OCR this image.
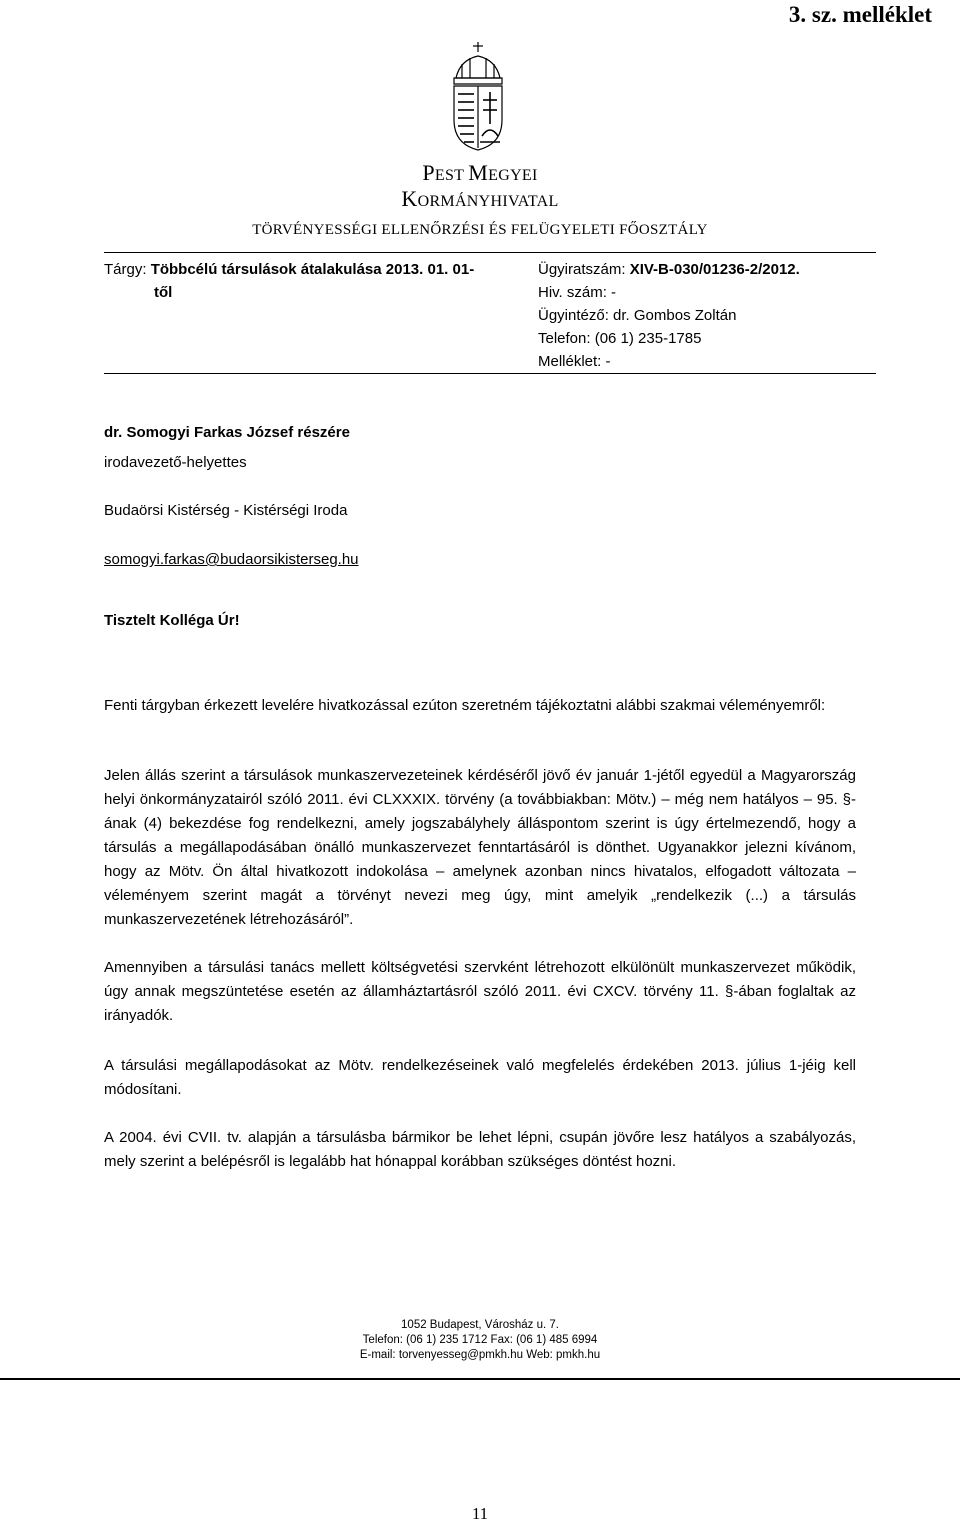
3. sz. melléklet
PEST MEGYEI
KORMÁNYHIVATAL
TÖRVÉNYESSÉGI ELLENŐRZÉSI ÉS FELÜGYELETI FŐOSZTÁLY
Tárgy: Többcélú társulások átalakulása 2013. 01. 01-
től
Ügyiratszám: XIV-B-030/01236-2/2012.
Hiv. szám: -
Ügyintéző: dr. Gombos Zoltán
Telefon: (06 1) 235-1785
Melléklet: -
dr. Somogyi Farkas József részére
irodavezető-helyettes
Budaörsi Kistérség - Kistérségi Iroda
somogyi.farkas@budaorsikisterseg.hu
Tisztelt Kolléga Úr!
Fenti tárgyban érkezett levelére hivatkozással ezúton szeretném tájékoztatni alábbi szakmai véleményemről:
Jelen állás szerint a társulások munkaszervezeteinek kérdéséről jövő év január 1-jétől egyedül a Magyarország helyi önkormányzatairól szóló 2011. évi CLXXXIX. törvény (a továbbiakban: Mötv.) – még nem hatályos – 95. §-ának (4) bekezdése fog rendelkezni, amely jogszabályhely álláspontom szerint is úgy értelmezendő, hogy a társulás a megállapodásában önálló munkaszervezet fenntartásáról is dönthet. Ugyanakkor jelezni kívánom, hogy az Mötv. Ön által hivatkozott indokolása – amelynek azonban nincs hivatalos, elfogadott változata – véleményem szerint magát a törvényt nevezi meg úgy, mint amelyik „rendelkezik (...) a társulás munkaszervezetének létrehozásáról”.
Amennyiben a társulási tanács mellett költségvetési szervként létrehozott elkülönült munkaszervezet működik, úgy annak megszüntetése esetén az államháztartásról szóló 2011. évi CXCV. törvény 11. §-ában foglaltak az irányadók.
A társulási megállapodásokat az Mötv. rendelkezéseinek való megfelelés érdekében 2013. július 1-jéig kell módosítani.
A 2004. évi CVII. tv. alapján a társulásba bármikor be lehet lépni, csupán jövőre lesz hatályos a szabályozás, mely szerint a belépésről is legalább hat hónappal korábban szükséges döntést hozni.
1052 Budapest, Városház u. 7.
Telefon: (06 1) 235 1712 Fax: (06 1) 485 6994
E-mail: torvenyesseg@pmkh.hu Web: pmkh.hu
11
